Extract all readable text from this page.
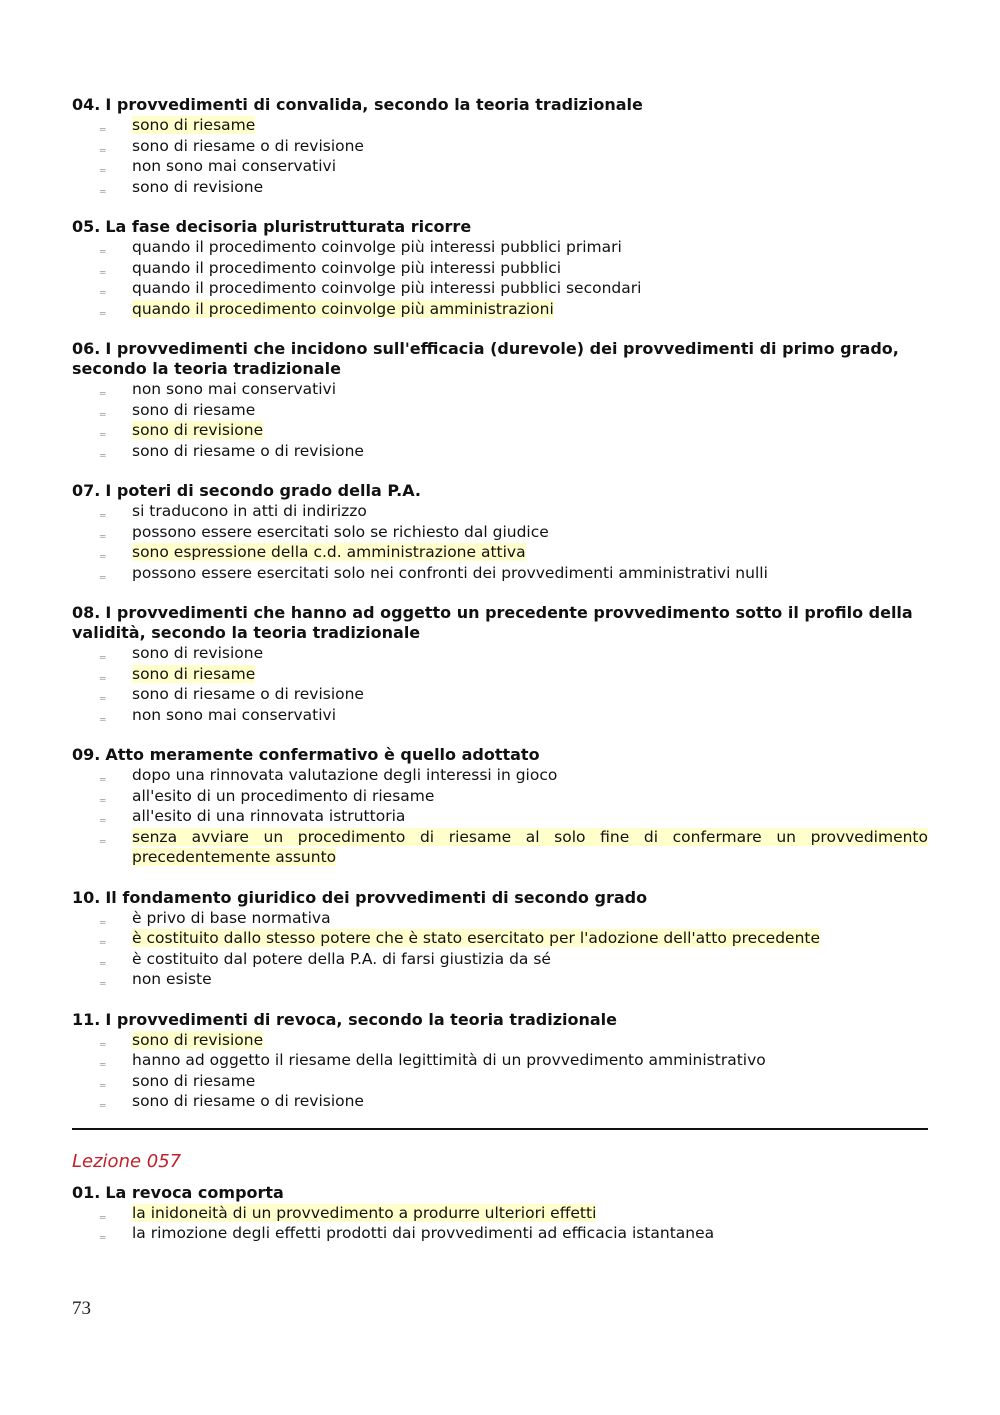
04. I provvedimenti di convalida, secondo la teoria tradizionale

‗ sono di riesame
‗ sono di riesame o di revisione
‗ non sono mai conservativi
‗ sono di revisione

05. La fase decisoria pluristrutturata ricorre

‗ quando il procedimento coinvolge più interessi pubblici primari
‗ quando il procedimento coinvolge più interessi pubblici
‗ quando il procedimento coinvolge più interessi pubblici secondari
‗ quando il procedimento coinvolge più amministrazioni

06. I provvedimenti che incidono sull'efficacia (durevole) dei provvedimenti di primo grado, secondo la teoria tradizionale

‗ non sono mai conservativi
‗ sono di riesame
‗ sono di revisione
‗ sono di riesame o di revisione

07. I poteri di secondo grado della P.A.

‗ si traducono in atti di indirizzo
‗ possono essere esercitati solo se richiesto dal giudice
‗ sono espressione della c.d. amministrazione attiva
‗ possono essere esercitati solo nei confronti dei provvedimenti amministrativi nulli

08. I provvedimenti che hanno ad oggetto un precedente provvedimento sotto il profilo della validità, secondo la teoria tradizionale

‗ sono di revisione
‗ sono di riesame
‗ sono di riesame o di revisione
‗ non sono mai conservativi

09. Atto meramente confermativo è quello adottato

‗ dopo una rinnovata valutazione degli interessi in gioco
‗ all'esito di un procedimento di riesame
‗ all'esito di una rinnovata istruttoria
‗ senza avviare un procedimento di riesame al solo fine di confermare un provvedimento precedentemente assunto

10. Il fondamento giuridico dei provvedimenti di secondo grado

‗ è privo di base normativa
‗ è costituito dallo stesso potere che è stato esercitato per l'adozione dell'atto precedente
‗ è costituito dal potere della P.A. di farsi giustizia da sé
‗ non esiste

11. I provvedimenti di revoca, secondo la teoria tradizionale

‗ sono di revisione
‗ hanno ad oggetto il riesame della legittimità di un provvedimento amministrativo
‗ sono di riesame
‗ sono di riesame o di revisione
Lezione 057

01. La revoca comporta

‗ la inidoneità di un provvedimento a produrre ulteriori effetti
‗ la rimozione degli effetti prodotti dai provvedimenti ad efficacia istantanea
73
